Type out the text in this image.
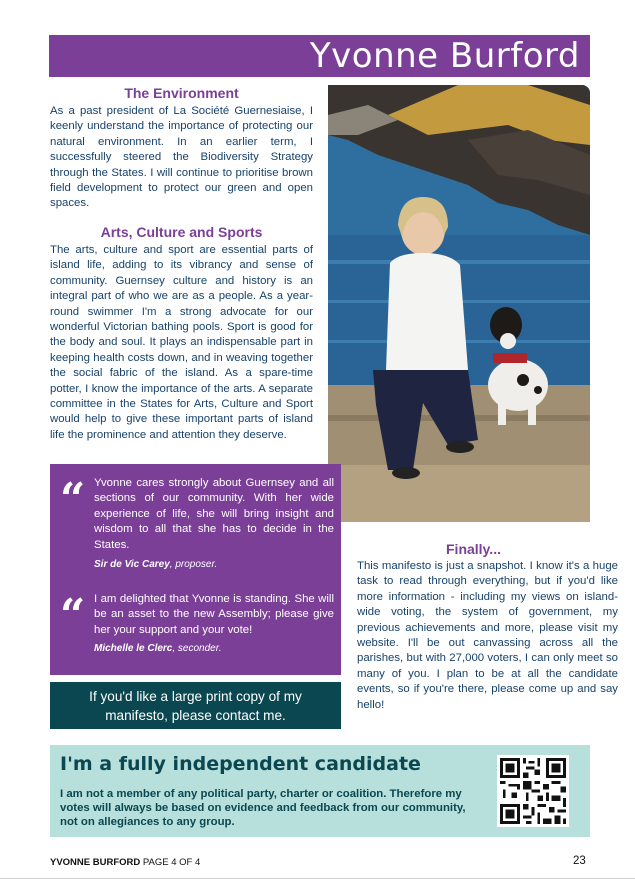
Yvonne Burford
The Environment

As a past president of La Société Guernesiaise, I keenly understand the importance of protecting our natural environment. In an earlier term, I successfully steered the Biodiversity Strategy through the States. I will continue to prioritise brown field development to protect our green and open spaces.

Arts, Culture and Sports

The arts, culture and sport are essential parts of island life, adding to its vibrancy and sense of community. Guernsey culture and history is an integral part of who we are as a people. As a year-round swimmer I'm a strong advocate for our wonderful Victorian bathing pools. Sport is good for the body and soul. It plays an indispensable part in keeping health costs down, and in weaving together the social fabric of the island. As a spare-time potter, I know the importance of the arts. A separate committee in the States for Arts, Culture and Sport would help to give these important parts of island life the prominence and attention they deserve.

“ Yvonne cares strongly about Guernsey and all sections of our community. With her wide experience of life, she will bring insight and wisdom to all that she has to decide in the States.

Sir de Vic Carey, proposer.
“ I am delighted that Yvonne is standing. She will be an asset to the new Assembly; please give her your support and your vote!

Michelle le Clerc, seconder.
If you'd like a large print copy of my manifesto, please contact me.
Finally...

This manifesto is just a snapshot. I know it's a huge task to read through everything, but if you'd like more information - including my views on island-wide voting, the system of government, my previous achievements and more, please visit my website. I'll be out canvassing across all the parishes, but with 27,000 voters, I can only meet so many of you. I plan to be at all the candidate events, so if you're there, please come up and say hello!

I'm a fully independent candidate

I am not a member of any political party, charter or coalition. Therefore my votes will always be based on evidence and feedback from our community, not on allegiances to any group.

YVONNE BURFORD PAGE 4 OF 4	23
